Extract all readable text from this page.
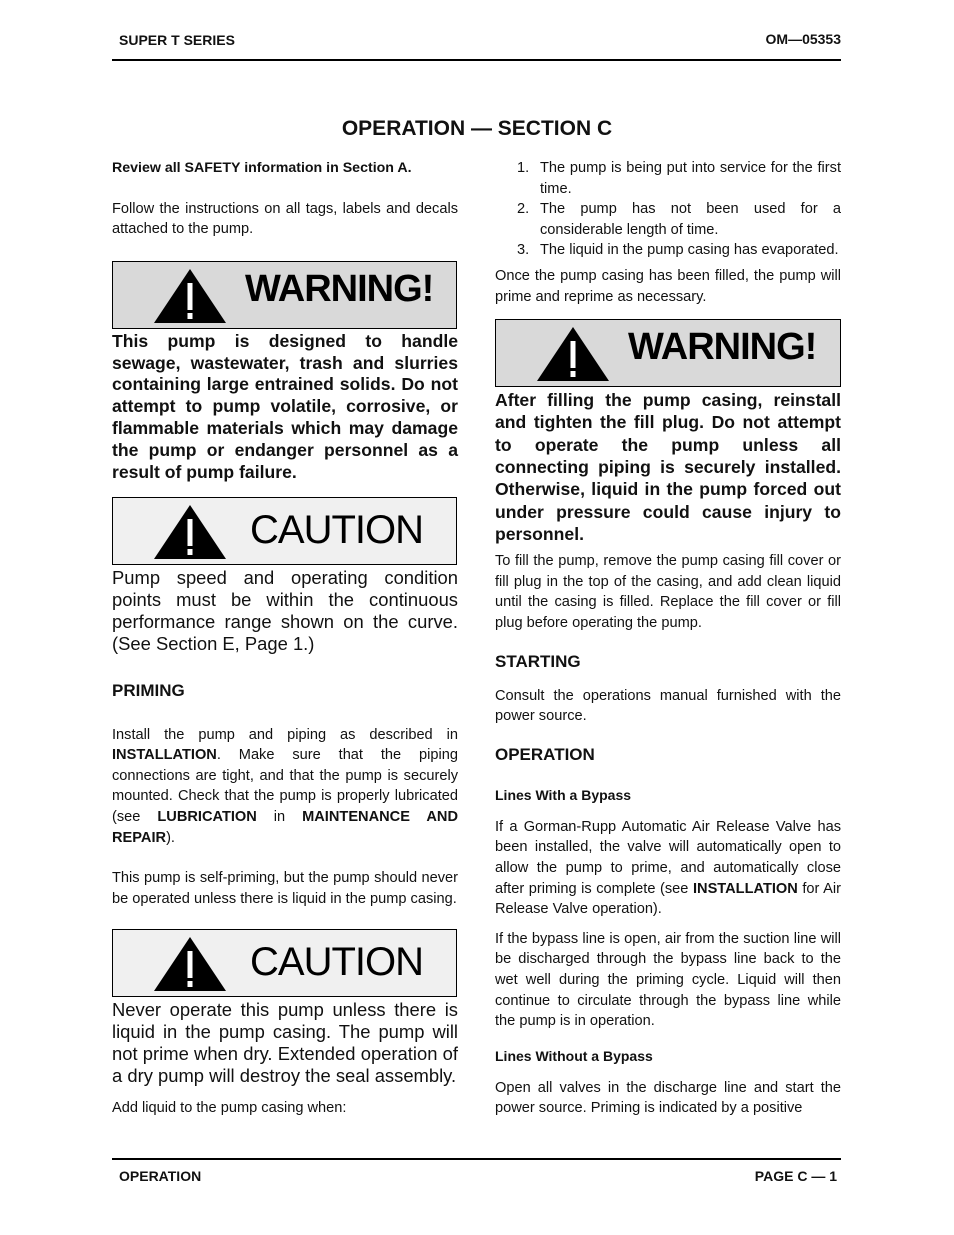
SUPER T SERIES	OM—05353
OPERATION — SECTION C

Review all SAFETY information in Section A.

Follow the instructions on all tags, labels and decals attached to the pump.

WARNING!

This pump is designed to handle sewage, wastewater, trash and slurries containing large entrained solids. Do not attempt to pump volatile, corrosive, or flammable materials which may damage the pump or endanger personnel as a result of pump failure.

CAUTION

Pump speed and operating condition points must be within the continuous performance range shown on the curve. (See Section E, Page 1.)

PRIMING

Install the pump and piping as described in INSTALLATION. Make sure that the piping connections are tight, and that the pump is securely mounted. Check that the pump is properly lubricated (see LUBRICATION in MAINTENANCE AND REPAIR).

This pump is self-priming, but the pump should never be operated unless there is liquid in the pump casing.

CAUTION

Never operate this pump unless there is liquid in the pump casing. The pump will not prime when dry. Extended operation of a dry pump will destroy the seal assembly.

Add liquid to the pump casing when:

1. The pump is being put into service for the first time.
2. The pump has not been used for a considerable length of time.
3. The liquid in the pump casing has evaporated.

Once the pump casing has been filled, the pump will prime and reprime as necessary.

WARNING!

After filling the pump casing, reinstall and tighten the fill plug. Do not attempt to operate the pump unless all connecting piping is securely installed. Otherwise, liquid in the pump forced out under pressure could cause injury to personnel.

To fill the pump, remove the pump casing fill cover or fill plug in the top of the casing, and add clean liquid until the casing is filled. Replace the fill cover or fill plug before operating the pump.

STARTING

Consult the operations manual furnished with the power source.

OPERATION
Lines With a Bypass

If a Gorman-Rupp Automatic Air Release Valve has been installed, the valve will automatically open to allow the pump to prime, and automatically close after priming is complete (see INSTALLATION for Air Release Valve operation).

If the bypass line is open, air from the suction line will be discharged through the bypass line back to the wet well during the priming cycle. Liquid will then continue to circulate through the bypass line while the pump is in operation.

Lines Without a Bypass

Open all valves in the discharge line and start the power source. Priming is indicated by a positive

OPERATION	PAGE C — 1
